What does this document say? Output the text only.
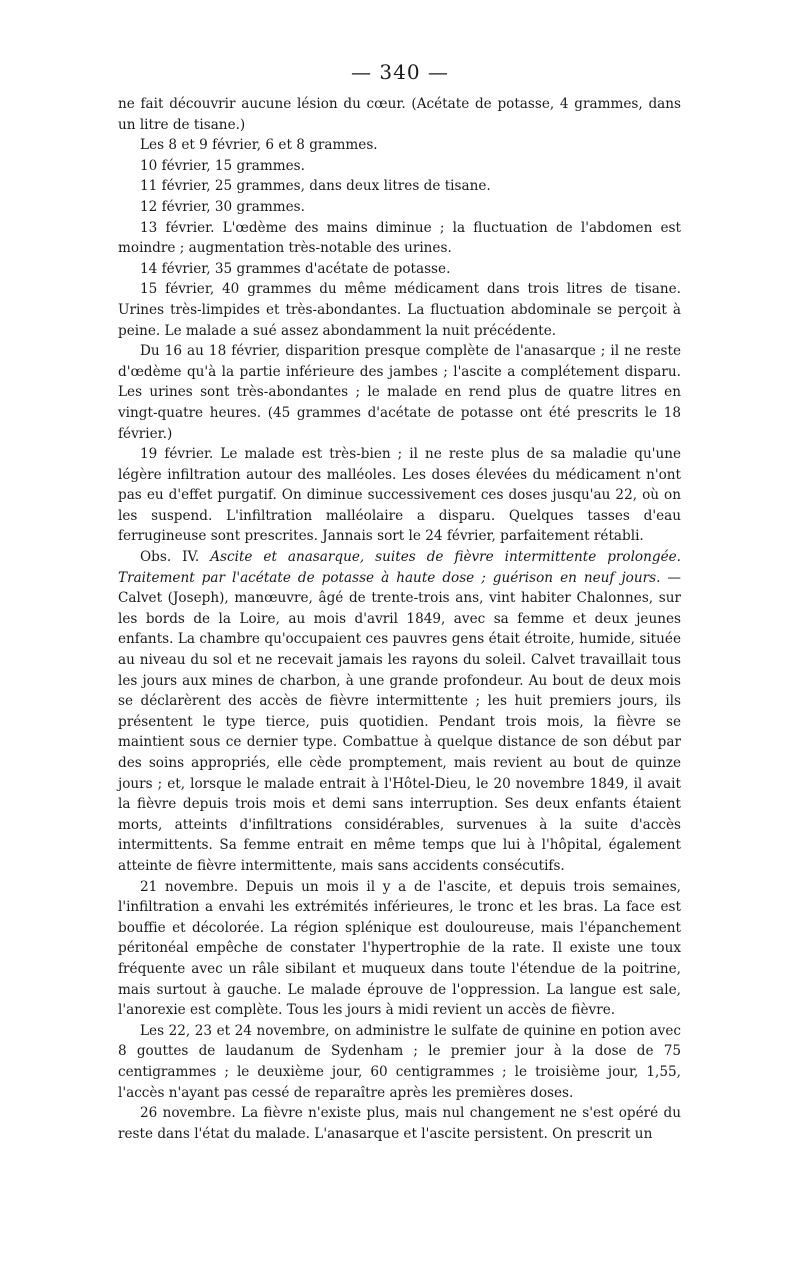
— 340 —

ne fait découvrir aucune lésion du cœur. (Acétate de potasse, 4 grammes, dans un litre de tisane.)

Les 8 et 9 février, 6 et 8 grammes.

10 février, 15 grammes.

11 février, 25 grammes, dans deux litres de tisane.

12 février, 30 grammes.

13 février. L'œdème des mains diminue ; la fluctuation de l'abdomen est moindre ; augmentation très-notable des urines.

14 février, 35 grammes d'acétate de potasse.

15 février, 40 grammes du même médicament dans trois litres de tisane. Urines très-limpides et très-abondantes. La fluctuation abdominale se perçoit à peine. Le malade a sué assez abondamment la nuit précédente.

Du 16 au 18 février, disparition presque complète de l'anasarque ; il ne reste d'œdème qu'à la partie inférieure des jambes ; l'ascite a complétement disparu. Les urines sont très-abondantes ; le malade en rend plus de quatre litres en vingt-quatre heures. (45 grammes d'acétate de potasse ont été prescrits le 18 février.)

19 février. Le malade est très-bien ; il ne reste plus de sa maladie qu'une légère infiltration autour des malléoles. Les doses élevées du médicament n'ont pas eu d'effet purgatif. On diminue successivement ces doses jusqu'au 22, où on les suspend. L'infiltration malléolaire a disparu. Quelques tasses d'eau ferrugineuse sont prescrites. Jannais sort le 24 février, parfaitement rétabli.

Obs. IV. Ascite et anasarque, suites de fièvre intermittente prolongée. Traitement par l'acétate de potasse à haute dose ; guérison en neuf jours. — Calvet (Joseph), manœuvre, âgé de trente-trois ans, vint habiter Chalonnes, sur les bords de la Loire, au mois d'avril 1849, avec sa femme et deux jeunes enfants. La chambre qu'occupaient ces pauvres gens était étroite, humide, située au niveau du sol et ne recevait jamais les rayons du soleil. Calvet travaillait tous les jours aux mines de charbon, à une grande profondeur. Au bout de deux mois se déclarèrent des accès de fièvre intermittente ; les huit premiers jours, ils présentent le type tierce, puis quotidien. Pendant trois mois, la fièvre se maintient sous ce dernier type. Combattue à quelque distance de son début par des soins appropriés, elle cède promptement, mais revient au bout de quinze jours ; et, lorsque le malade entrait à l'Hôtel-Dieu, le 20 novembre 1849, il avait la fièvre depuis trois mois et demi sans interruption. Ses deux enfants étaient morts, atteints d'infiltrations considérables, survenues à la suite d'accès intermittents. Sa femme entrait en même temps que lui à l'hôpital, également atteinte de fièvre intermittente, mais sans accidents consécutifs.

21 novembre. Depuis un mois il y a de l'ascite, et depuis trois semaines, l'infiltration a envahi les extrémités inférieures, le tronc et les bras. La face est bouffie et décolorée. La région splénique est douloureuse, mais l'épanchement péritonéal empêche de constater l'hypertrophie de la rate. Il existe une toux fréquente avec un râle sibilant et muqueux dans toute l'étendue de la poitrine, mais surtout à gauche. Le malade éprouve de l'oppression. La langue est sale, l'anorexie est complète. Tous les jours à midi revient un accès de fièvre.

Les 22, 23 et 24 novembre, on administre le sulfate de quinine en potion avec 8 gouttes de laudanum de Sydenham ; le premier jour à la dose de 75 centigrammes ; le deuxième jour, 60 centigrammes ; le troisième jour, 1,55, l'accès n'ayant pas cessé de reparaître après les premières doses.

26 novembre. La fièvre n'existe plus, mais nul changement ne s'est opéré du reste dans l'état du malade. L'anasarque et l'ascite persistent. On prescrit un
